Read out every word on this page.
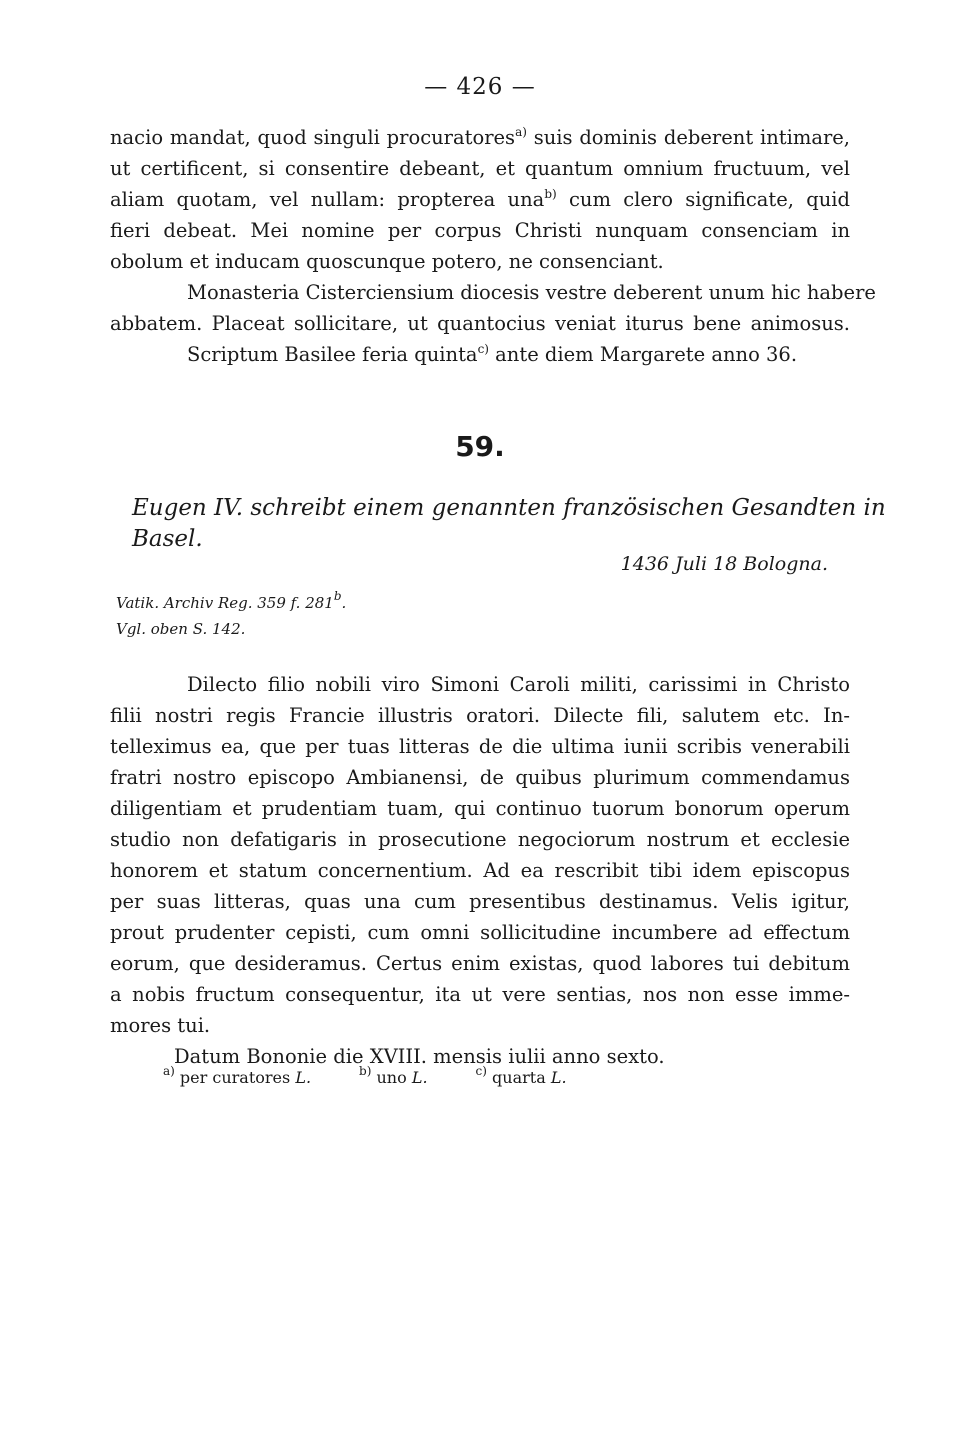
— 426 —
nacio mandat, quod singuli procuratores$^{a)}$ suis dominis deberent intimare,
ut certificent, si consentire debeant, et quantum omnium fructuum, vel
aliam quotam, vel nullam: propterea una$^{b)}$ cum clero significate, quid
fieri debeat. Mei nomine per corpus Christi nunquam consenciam in
obolum et inducam quoscunque potero, ne consenciant.
Monasteria Cisterciensium diocesis vestre deberent unum hic habere
abbatem. Placeat sollicitare, ut quantocius veniat iturus bene animosus.
Scriptum Basilee feria quinta$^{c)}$ ante diem Margarete anno 36.
59.
Eugen IV. schreibt einem genannten französischen Gesandten in
Basel.
1436 Juli 18 Bologna.
Vatik. Archiv Reg. 359 f. 281$^b$.
Vgl. oben S. 142.
Dilecto filio nobili viro Simoni Caroli militi, carissimi in Christo
filii nostri regis Francie illustris oratori. Dilecte fili, salutem etc. In-
telleximus ea, que per tuas litteras de die ultima iunii scribis venerabili
fratri nostro episcopo Ambianensi, de quibus plurimum commendamus
diligentiam et prudentiam tuam, qui continuo tuorum bonorum operum
studio non defatigaris in prosecutione negociorum nostrum et ecclesie
honorem et statum concernentium. Ad ea rescribit tibi idem episcopus
per suas litteras, quas una cum presentibus destinamus. Velis igitur,
prout prudenter cepisti, cum omni sollicitudine incumbere ad effectum
eorum, que desideramus. Certus enim existas, quod labores tui debitum
a nobis fructum consequentur, ita ut vere sentias, nos non esse imme-
mores tui.
Datum Bononie die XVIII. mensis iulii anno sexto.
$^{a)}$ per curatores L.	$^{b)}$ uno L.	$^{c)}$ quarta L.
